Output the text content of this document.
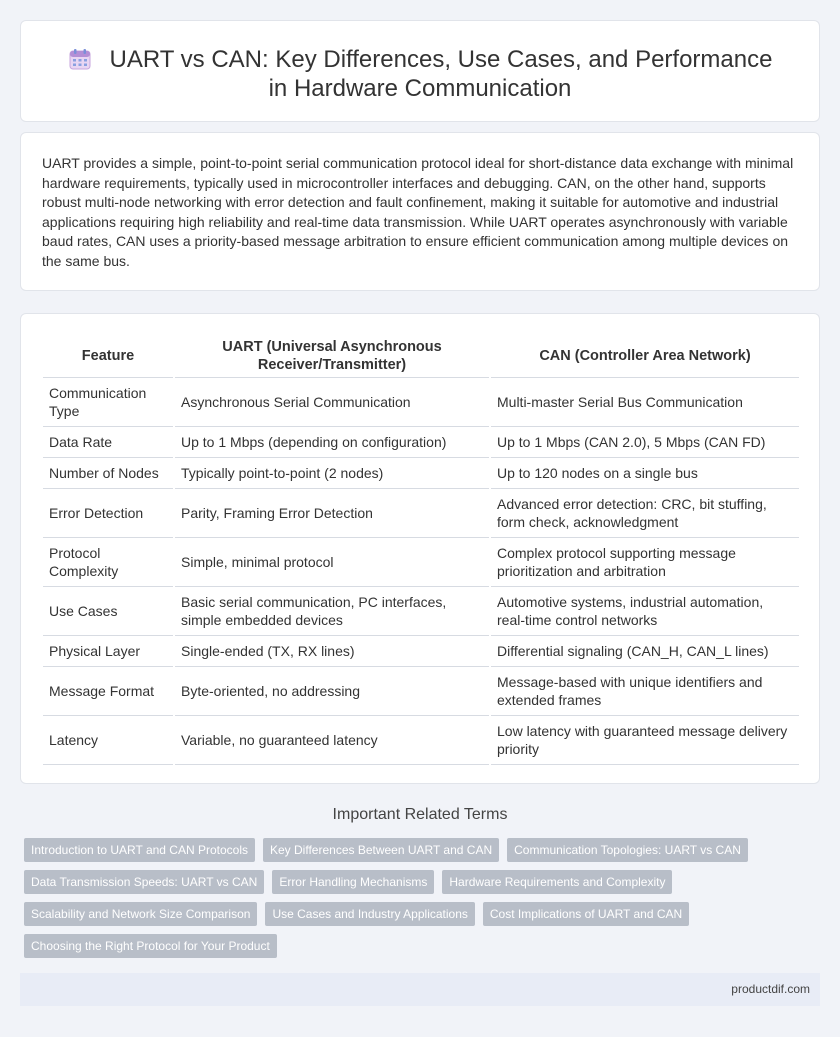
UART vs CAN: Key Differences, Use Cases, and Performance in Hardware Communication

UART provides a simple, point-to-point serial communication protocol ideal for short-distance data exchange with minimal hardware requirements, typically used in microcontroller interfaces and debugging. CAN, on the other hand, supports robust multi-node networking with error detection and fault confinement, making it suitable for automotive and industrial applications requiring high reliability and real-time data transmission. While UART operates asynchronously with variable baud rates, CAN uses a priority-based message arbitration to ensure efficient communication among multiple devices on the same bus.

Feature		UART (Universal Asynchronous Receiver/Transmitter)		CAN (Controller Area Network)
Communication Type		Asynchronous Serial Communication		Multi-master Serial Bus Communication
Data Rate		Up to 1 Mbps (depending on configuration)		Up to 1 Mbps (CAN 2.0), 5 Mbps (CAN FD)
Number of Nodes		Typically point-to-point (2 nodes)		Up to 120 nodes on a single bus
Error Detection		Parity, Framing Error Detection		Advanced error detection: CRC, bit stuffing, form check, acknowledgment
Protocol Complexity		Simple, minimal protocol		Complex protocol supporting message prioritization and arbitration
Use Cases		Basic serial communication, PC interfaces, simple embedded devices		Automotive systems, industrial automation, real-time control networks
Physical Layer		Single-ended (TX, RX lines)		Differential signaling (CAN_H, CAN_L lines)
Message Format		Byte-oriented, no addressing		Message-based with unique identifiers and extended frames
Latency		Variable, no guaranteed latency		Low latency with guaranteed message delivery priority
Important Related Terms
Introduction to UART and CAN Protocols	Key Differences Between UART and CAN	Communication Topologies: UART vs CAN
Data Transmission Speeds: UART vs CAN	Error Handling Mechanisms	Hardware Requirements and Complexity
Scalability and Network Size Comparison	Use Cases and Industry Applications	Cost Implications of UART and CAN
Choosing the Right Protocol for Your Product
productdif.com
